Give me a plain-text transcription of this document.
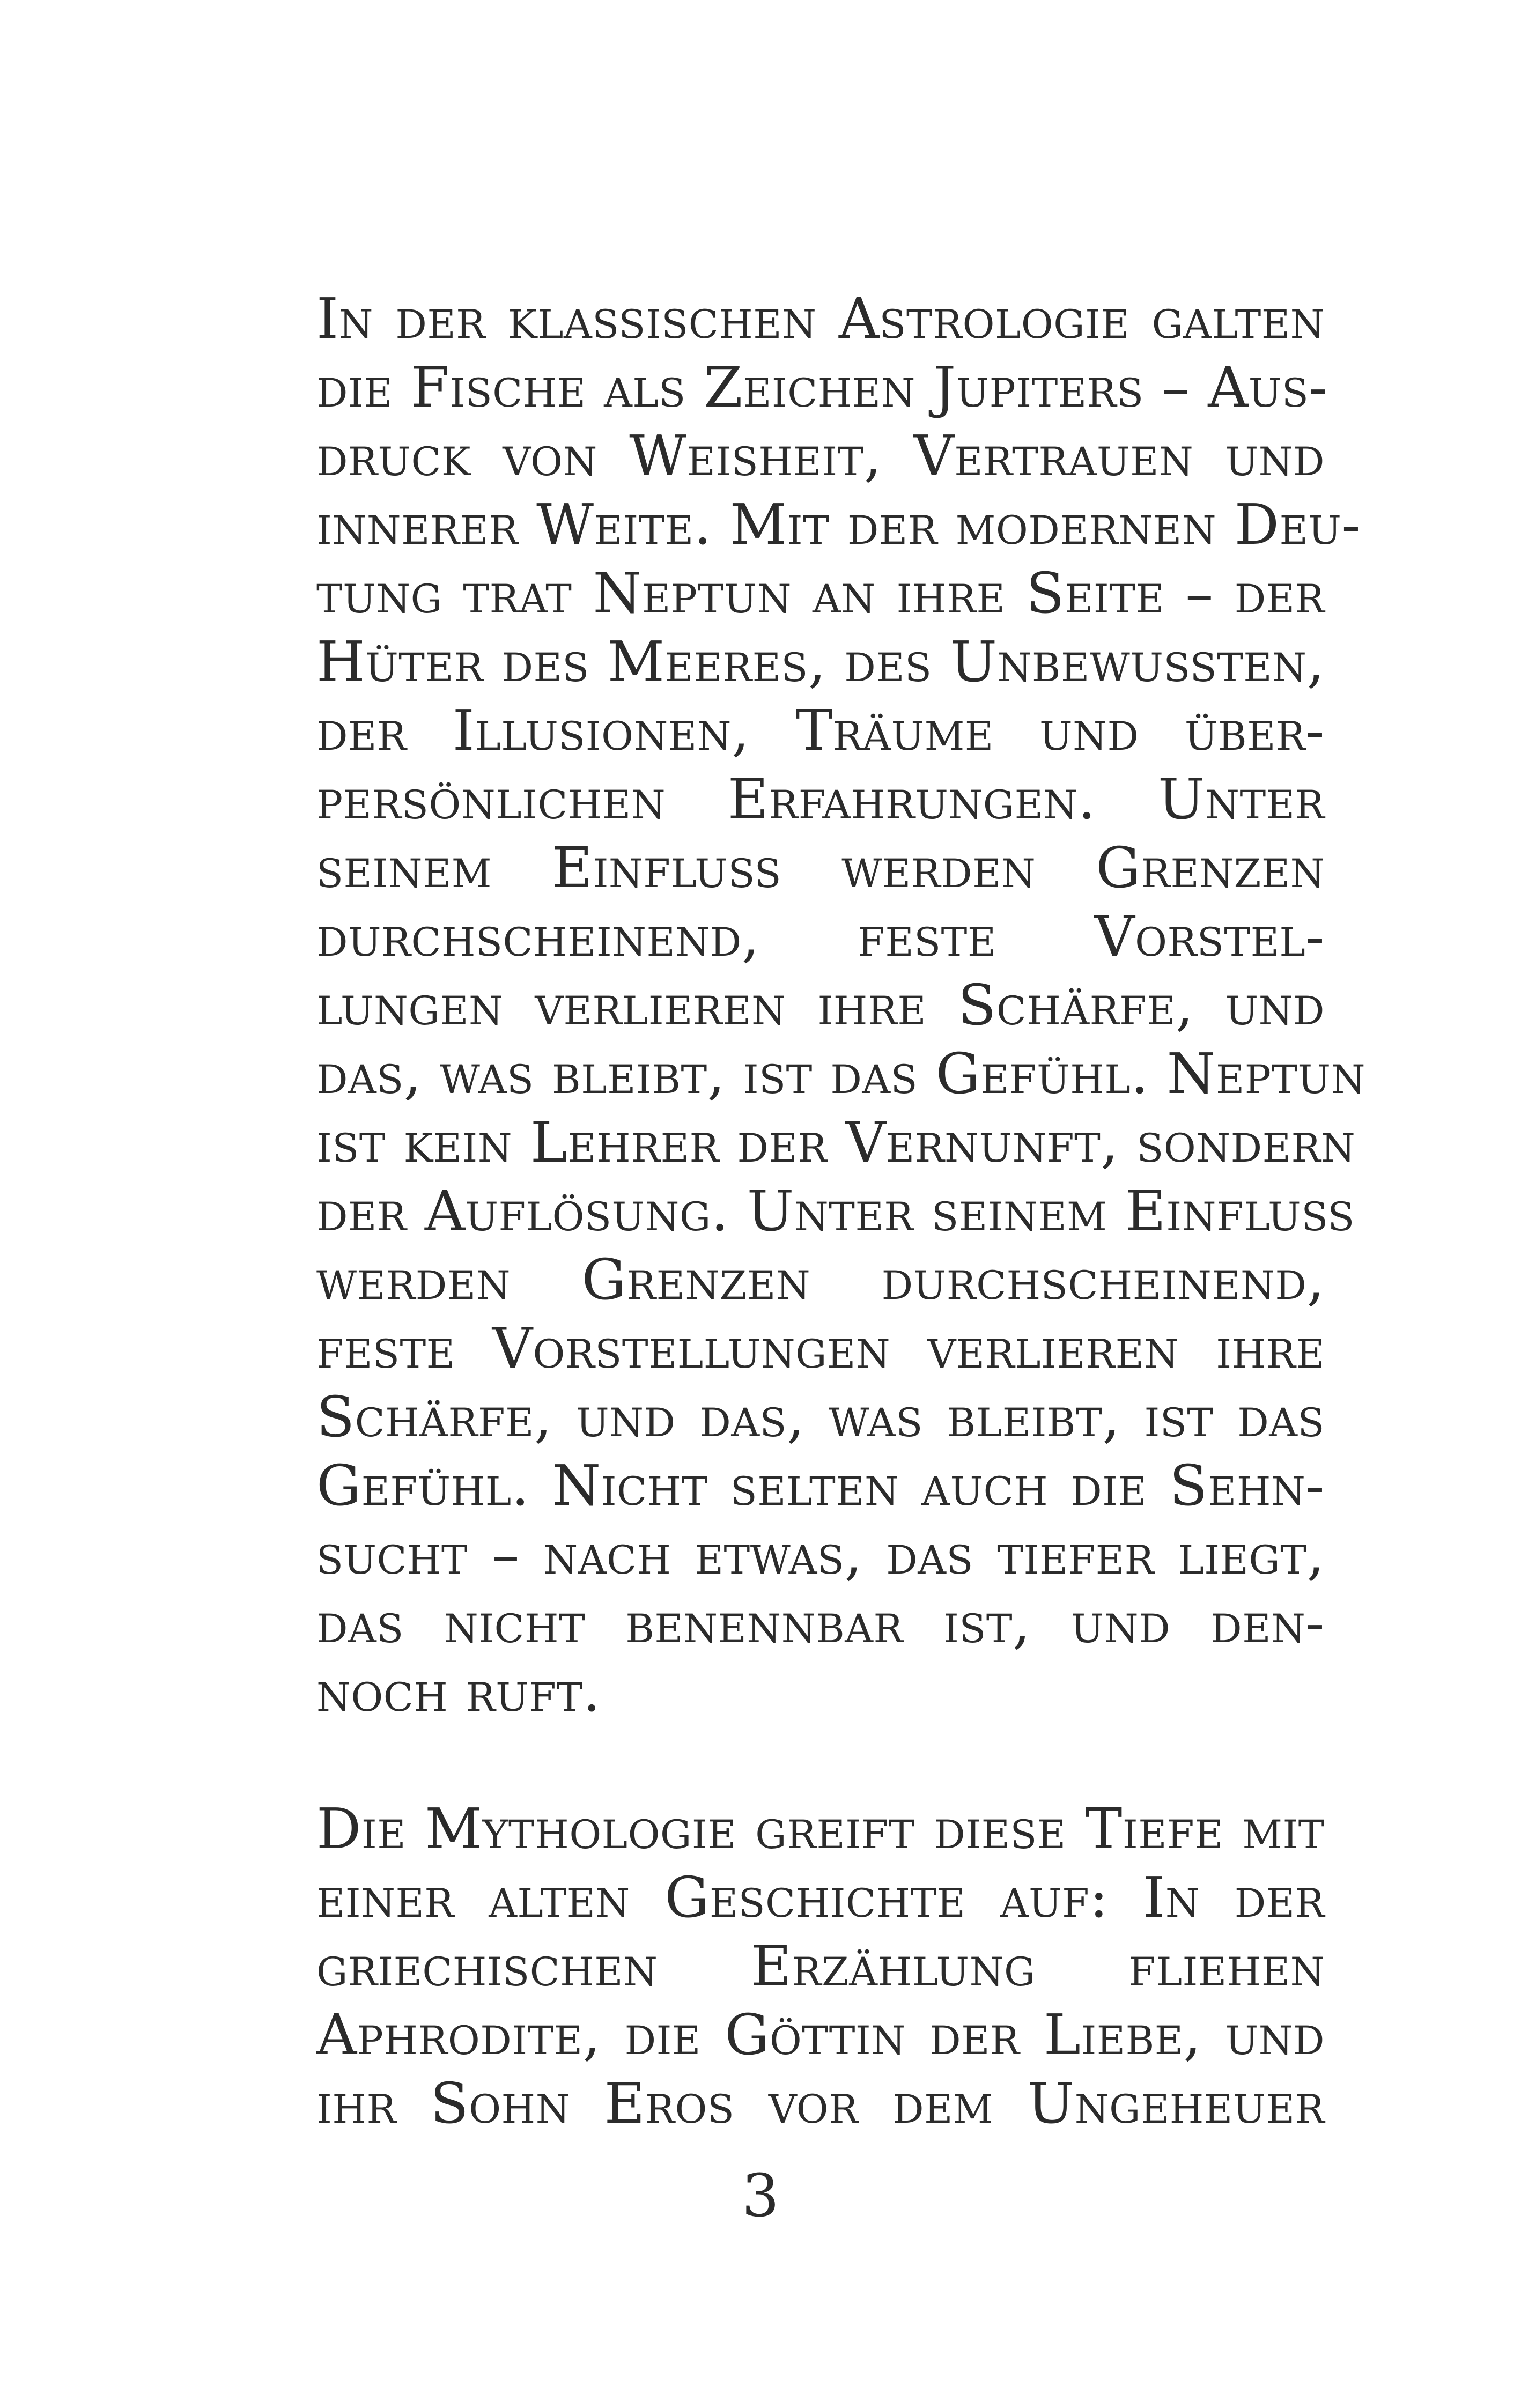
In der klassischen Astrologie galten
die Fische als Zeichen Jupiters – Aus-
druck von Weisheit, Vertrauen und
innerer Weite. Mit der modernen Deu-
tung trat Neptun an ihre Seite – der
Hüter des Meeres, des Unbewussten,
der Illusionen, Träume und über-
persönlichen Erfahrungen. Unter
seinem Einfluss werden Grenzen
durchscheinend, feste Vorstel-
lungen verlieren ihre Schärfe, und
das, was bleibt, ist das Gefühl. Neptun
ist kein Lehrer der Vernunft, sondern
der Auflösung. Unter seinem Einfluss
werden Grenzen durchscheinend,
feste Vorstellungen verlieren ihre
Schärfe, und das, was bleibt, ist das
Gefühl. Nicht selten auch die Sehn-
sucht – nach etwas, das tiefer liegt,
das nicht benennbar ist, und den-
noch ruft.
Die Mythologie greift diese Tiefe mit
einer alten Geschichte auf: In der
griechischen Erzählung fliehen
Aphrodite, die Göttin der Liebe, und
ihr Sohn Eros vor dem Ungeheuer
3
